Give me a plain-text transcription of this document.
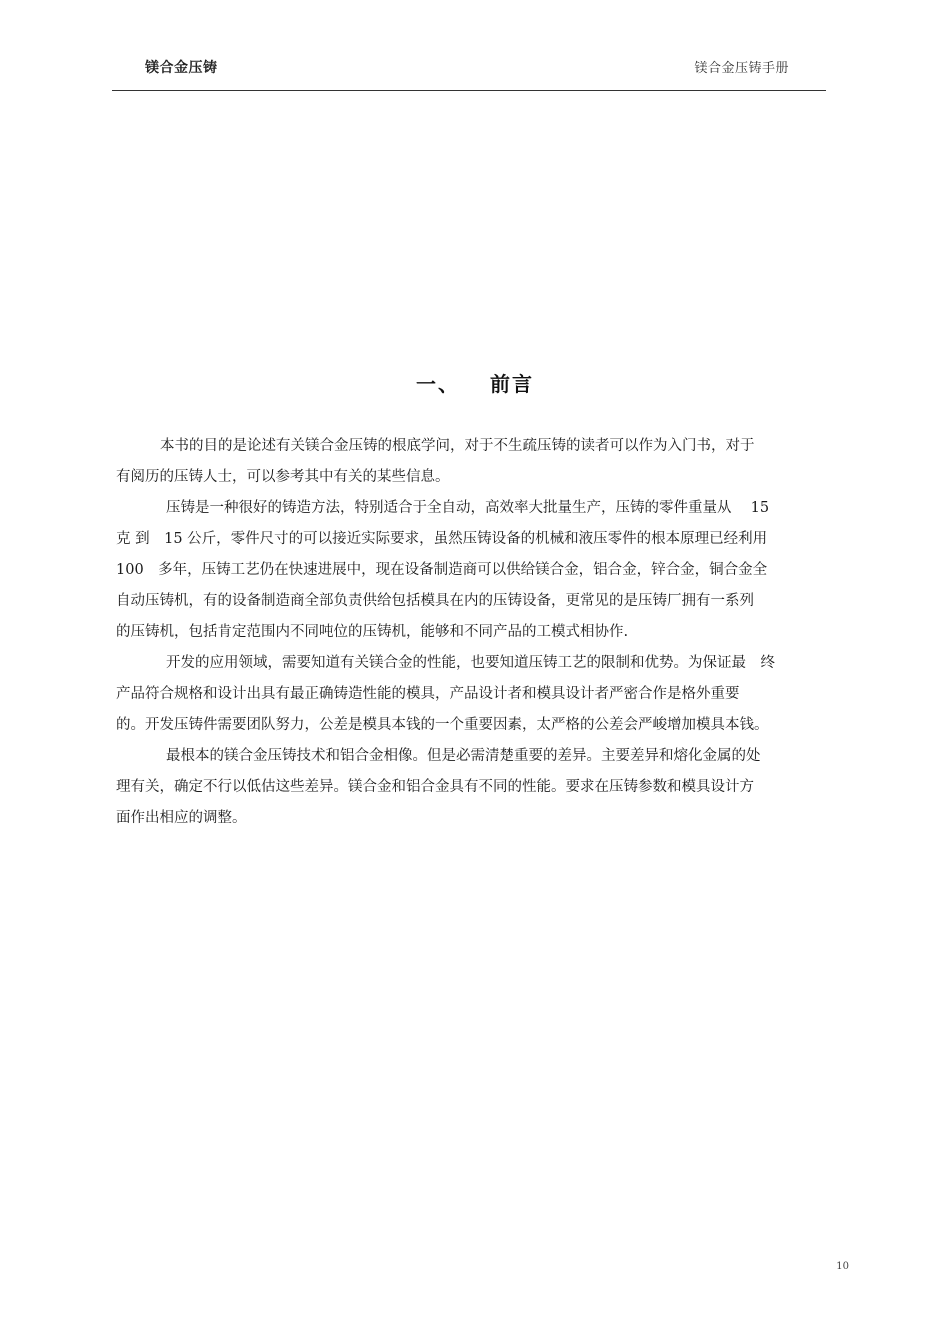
镁合金压铸	镁合金压铸手册
一、 前言

本书的目的是论述有关镁合金压铸的根底学问，对于不生疏压铸的读者可以作为入门书，对于
有阅历的压铸人士，可以参考其中有关的某些信息。

压铸是一种很好的铸造方法，特别适合于全自动，高效率大批量生产，压铸的零件重量从　 15
克 到　15 公斤，零件尺寸的可以接近实际要求，虽然压铸设备的机械和液压零件的根本原理已经利用
100　多年，压铸工艺仍在快速进展中，现在设备制造商可以供给镁合金，铝合金，锌合金，铜合金全
自动压铸机，有的设备制造商全部负责供给包括模具在内的压铸设备，更常见的是压铸厂拥有一系列
的压铸机，包括肯定范围内不同吨位的压铸机，能够和不同产品的工模式相协作.

开发的应用领域，需要知道有关镁合金的性能，也要知道压铸工艺的限制和优势。为保证最　终
产品符合规格和设计出具有最正确铸造性能的模具，产品设计者和模具设计者严密合作是格外重要
的。开发压铸件需要团队努力，公差是模具本钱的一个重要因素，太严格的公差会严峻增加模具本钱。

最根本的镁合金压铸技术和铝合金相像。但是必需清楚重要的差异。主要差异和熔化金属的处
理有关，确定不行以低估这些差异。镁合金和铝合金具有不同的性能。要求在压铸参数和模具设计方
面作出相应的调整。

10
